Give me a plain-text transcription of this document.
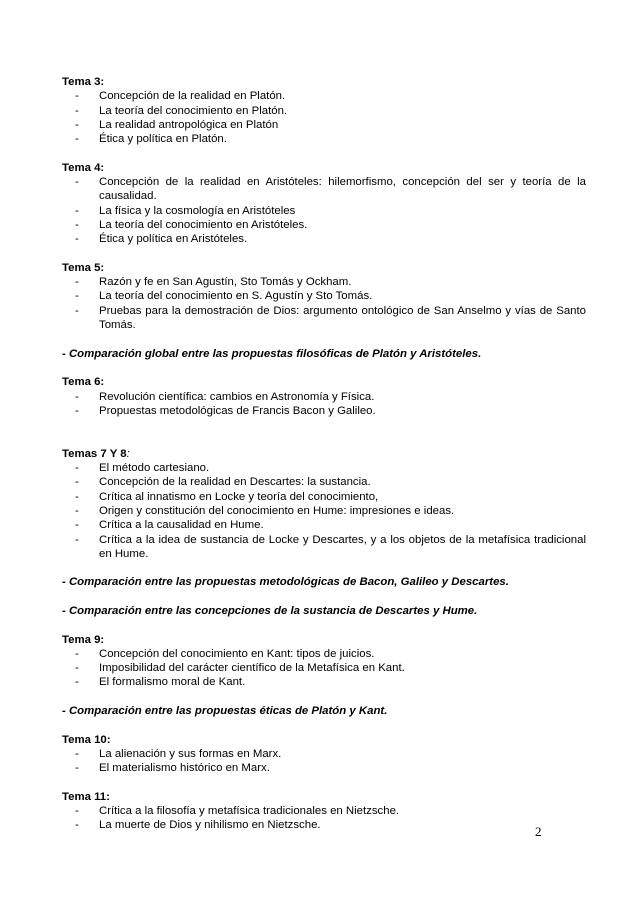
Tema 3:
- Concepción de la realidad en Platón.
- La teoría del conocimiento en Platón.
- La realidad antropológica en Platón
- Ética y política en Platón.
Tema 4:
- Concepción de la realidad en Aristóteles: hilemorfismo, concepción del ser y teoría de la causalidad.
- La física y la cosmología en Aristóteles
- La teoría del conocimiento en Aristóteles.
- Ética y política en Aristóteles.
Tema 5:
- Razón y fe en San Agustín, Sto Tomás y Ockham.
- La teoría del conocimiento en S. Agustín y Sto Tomás.
- Pruebas para la demostración de Dios: argumento ontológico de San Anselmo y vías de Santo Tomás.
- Comparación global entre las propuestas filosóficas de Platón y Aristóteles.
Tema 6:
- Revolución científica: cambios en Astronomía y Física.
- Propuestas metodológicas de Francis Bacon y Galileo.
Temas 7 Y 8:
- El método cartesiano.
- Concepción de la realidad en Descartes: la sustancia.
- Crítica al innatismo en Locke y teoría del conocimiento,
- Origen y constitución del conocimiento en Hume: impresiones e ideas.
- Crítica a la causalidad en Hume.
- Crítica a la idea de sustancia de Locke y Descartes, y a los objetos de la metafísica tradicional en Hume.
- Comparación entre las propuestas metodológicas de Bacon, Galileo y Descartes.
- Comparación entre las concepciones de la sustancia de Descartes y Hume.
Tema 9:
- Concepción del conocimiento en Kant: tipos de juicios.
- Imposibilidad del carácter científico de la Metafísica en Kant.
- El formalismo moral de Kant.
- Comparación entre las propuestas éticas de Platón y Kant.
Tema 10:
- La alienación y sus formas en Marx.
- El materialismo histórico en Marx.
Tema 11:
- Crítica a la filosofía y metafísica tradicionales en Nietzsche.
- La muerte de Dios y nihilismo en Nietzsche.	2
